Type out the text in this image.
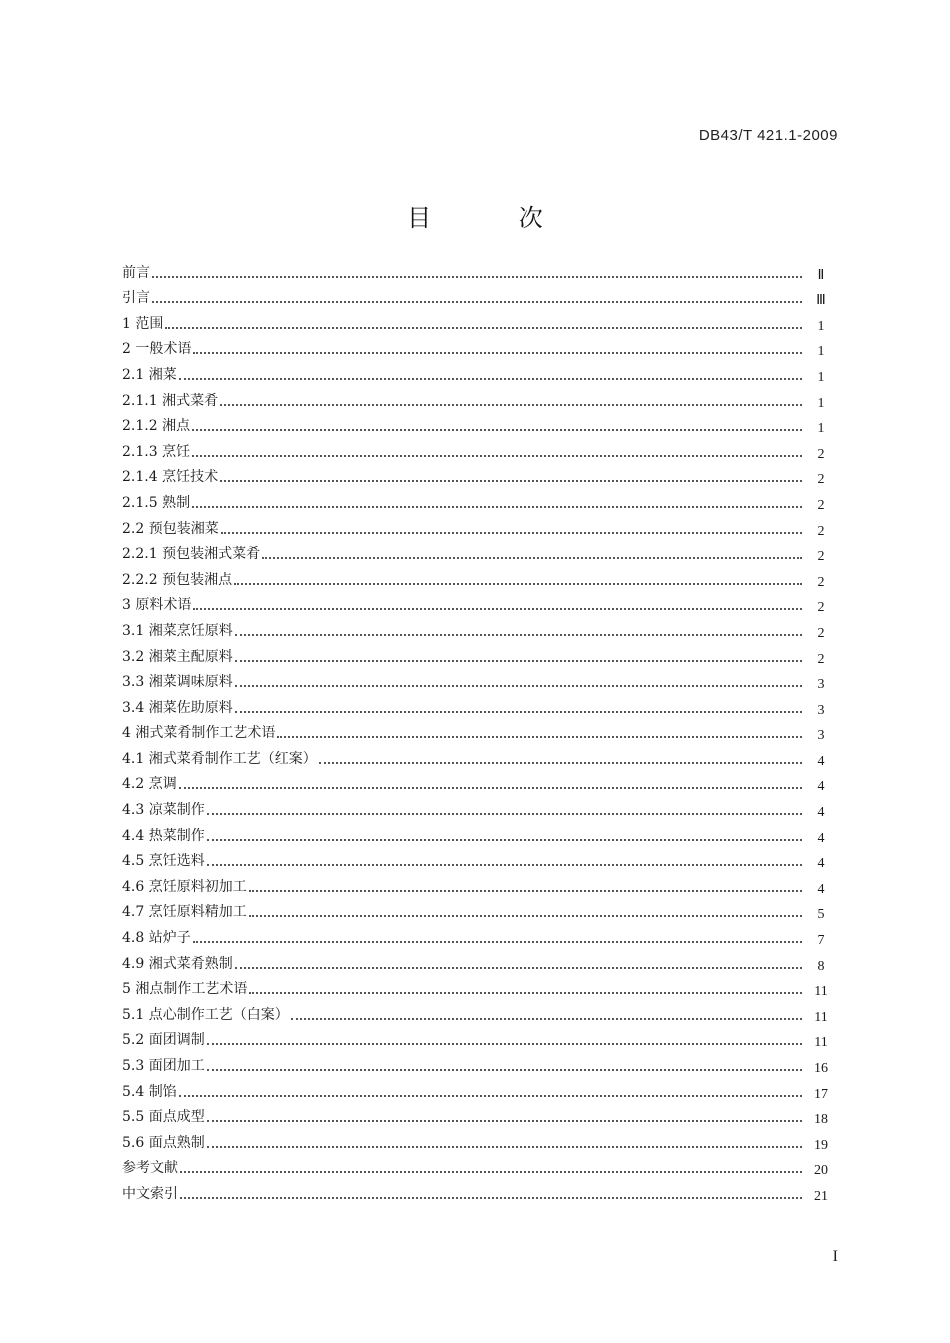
DB43/T 421.1-2009
目 次
前言	Ⅱ
引言	Ⅲ
1 范围	1
2 一般术语	1
2.1 湘菜	1
2.1.1 湘式菜肴	1
2.1.2 湘点	1
2.1.3 烹饪	2
2.1.4 烹饪技术	2
2.1.5 熟制	2
2.2 预包装湘菜	2
2.2.1 预包装湘式菜肴	2
2.2.2 预包装湘点	2
3 原料术语	2
3.1 湘菜烹饪原料	2
3.2 湘菜主配原料	2
3.3 湘菜调味原料	3
3.4 湘菜佐助原料	3
4 湘式菜肴制作工艺术语	3
4.1 湘式菜肴制作工艺（红案）	4
4.2 烹调	4
4.3 凉菜制作	4
4.4 热菜制作	4
4.5 烹饪选料	4
4.6 烹饪原料初加工	4
4.7 烹饪原料精加工	5
4.8 站炉子	7
4.9 湘式菜肴熟制	8
5 湘点制作工艺术语	11
5.1 点心制作工艺（白案）	11
5.2 面团调制	11
5.3 面团加工	16
5.4 制馅	17
5.5 面点成型	18
5.6 面点熟制	19
参考文献	20
中文索引	21
I
